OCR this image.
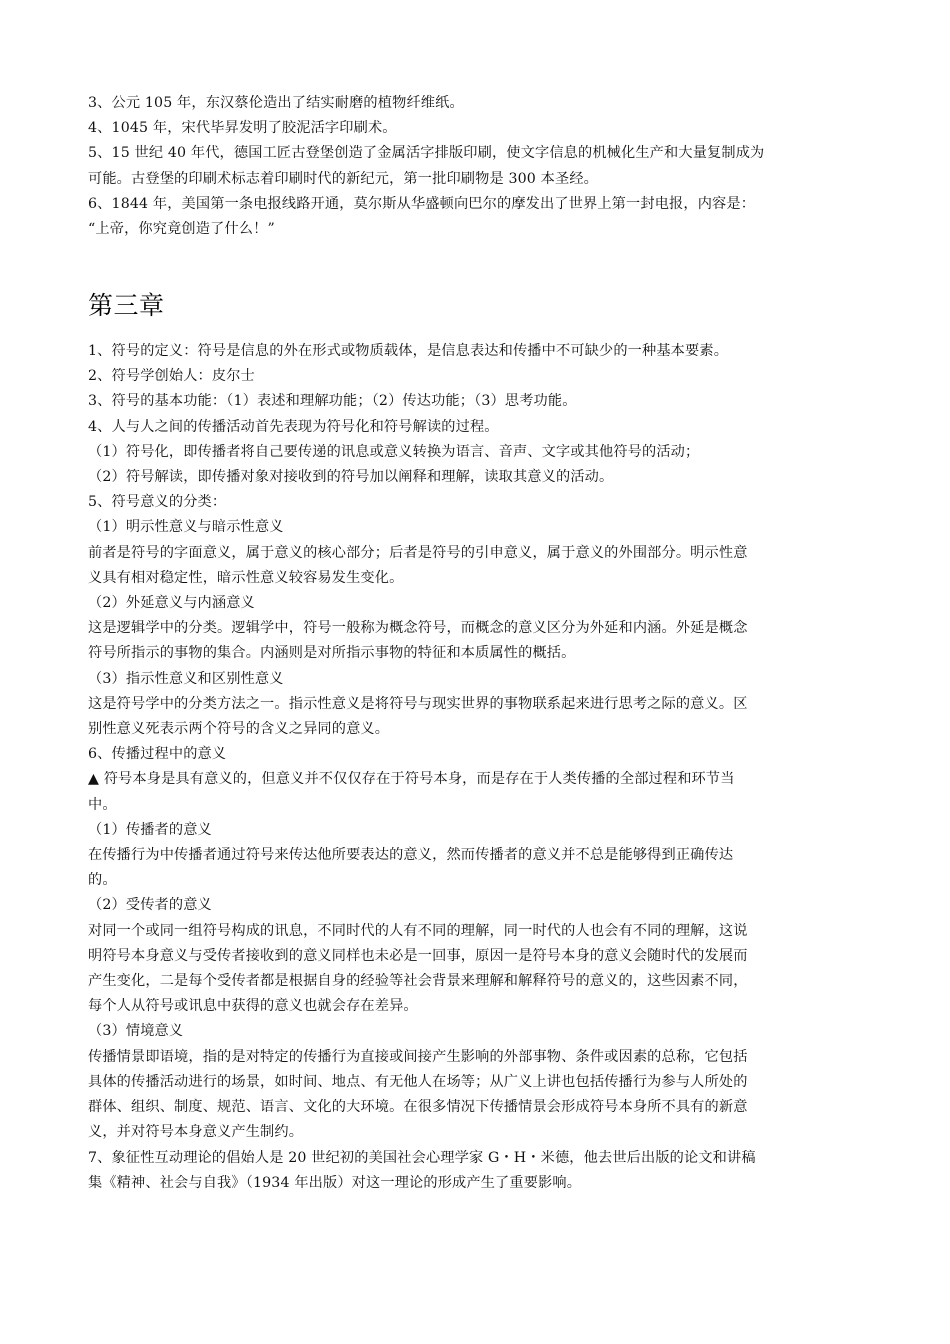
3、公元 105 年，东汉蔡伦造出了结实耐磨的植物纤维纸。
4、1045 年，宋代毕昇发明了胶泥活字印刷术。
5、15 世纪 40 年代，德国工匠古登堡创造了金属活字排版印刷，使文字信息的机械化生产和大量复制成为
可能。古登堡的印刷术标志着印刷时代的新纪元，第一批印刷物是 300 本圣经。
6、1844 年，美国第一条电报线路开通，莫尔斯从华盛顿向巴尔的摩发出了世界上第一封电报，内容是：
“上帝，你究竟创造了什么！”
第三章
1、符号的定义：符号是信息的外在形式或物质载体，是信息表达和传播中不可缺少的一种基本要素。
2、符号学创始人：皮尔士
3、符号的基本功能：（1）表述和理解功能；（2）传达功能；（3）思考功能。
4、人与人之间的传播活动首先表现为符号化和符号解读的过程。
（1）符号化，即传播者将自己要传递的讯息或意义转换为语言、音声、文字或其他符号的活动；
（2）符号解读，即传播对象对接收到的符号加以阐释和理解，读取其意义的活动。
5、符号意义的分类：
（1）明示性意义与暗示性意义
前者是符号的字面意义，属于意义的核心部分；后者是符号的引申意义，属于意义的外围部分。明示性意
义具有相对稳定性，暗示性意义较容易发生变化。
（2）外延意义与内涵意义
这是逻辑学中的分类。逻辑学中，符号一般称为概念符号，而概念的意义区分为外延和内涵。外延是概念
符号所指示的事物的集合。内涵则是对所指示事物的特征和本质属性的概括。
（3）指示性意义和区别性意义
这是符号学中的分类方法之一。指示性意义是将符号与现实世界的事物联系起来进行思考之际的意义。区
别性意义死表示两个符号的含义之异同的意义。
6、传播过程中的意义
▲ 符号本身是具有意义的，但意义并不仅仅存在于符号本身，而是存在于人类传播的全部过程和环节当
中。
（1）传播者的意义
在传播行为中传播者通过符号来传达他所要表达的意义，然而传播者的意义并不总是能够得到正确传达
的。
（2）受传者的意义
对同一个或同一组符号构成的讯息，不同时代的人有不同的理解，同一时代的人也会有不同的理解，这说
明符号本身意义与受传者接收到的意义同样也未必是一回事，原因一是符号本身的意义会随时代的发展而
产生变化，二是每个受传者都是根据自身的经验等社会背景来理解和解释符号的意义的，这些因素不同，
每个人从符号或讯息中获得的意义也就会存在差异。
（3）情境意义
传播情景即语境，指的是对特定的传播行为直接或间接产生影响的外部事物、条件或因素的总称，它包括
具体的传播活动进行的场景，如时间、地点、有无他人在场等；从广义上讲也包括传播行为参与人所处的
群体、组织、制度、规范、语言、文化的大环境。在很多情况下传播情景会形成符号本身所不具有的新意
义，并对符号本身意义产生制约。
7、象征性互动理论的倡始人是 20 世纪初的美国社会心理学家 G・H・米德，他去世后出版的论文和讲稿
集《精神、社会与自我》（1934 年出版）对这一理论的形成产生了重要影响。
